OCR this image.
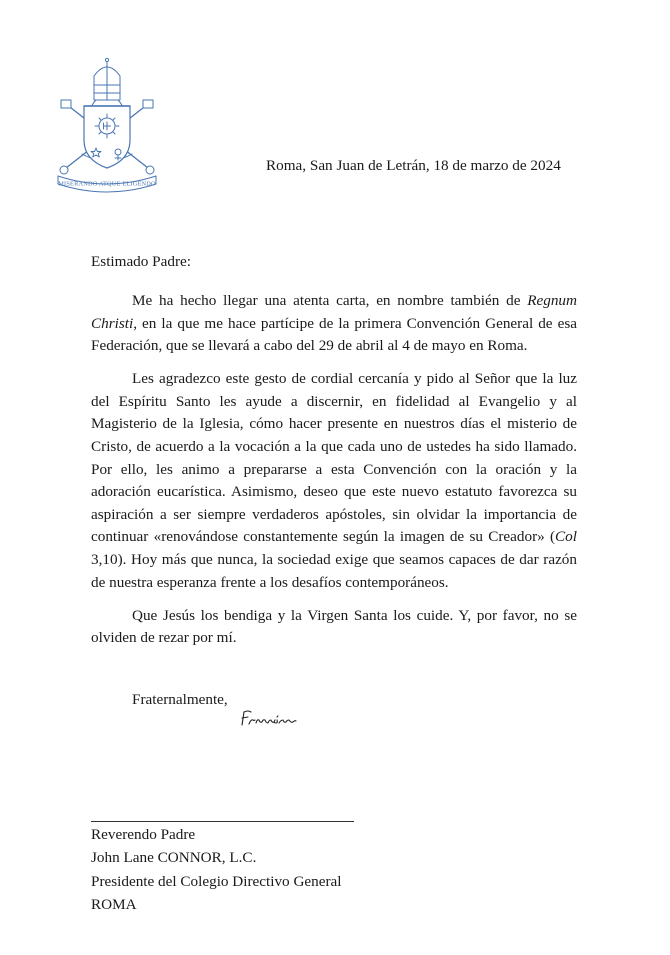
MISERANDO ATQUE ELIGENDO
Roma, San Juan de Letrán, 18 de marzo de 2024
Estimado Padre:

Me ha hecho llegar una atenta carta, en nombre también de Regnum Christi, en la que me hace partícipe de la primera Convención General de esa Federación, que se llevará a cabo del 29 de abril al 4 de mayo en Roma.

Les agradezco este gesto de cordial cercanía y pido al Señor que la luz del Espíritu Santo les ayude a discernir, en fidelidad al Evangelio y al Magisterio de la Iglesia, cómo hacer presente en nuestros días el misterio de Cristo, de acuerdo a la vocación a la que cada uno de ustedes ha sido llamado. Por ello, les animo a prepararse a esta Convención con la oración y la adoración eucarística. Asimismo, deseo que este nuevo estatuto favorezca su aspiración a ser siempre verdaderos apóstoles, sin olvidar la importancia de continuar «renovándose constantemente según la imagen de su Creador» (Col 3,10). Hoy más que nunca, la sociedad exige que seamos capaces de dar razón de nuestra esperanza frente a los desafíos contemporáneos.

Que Jesús los bendiga y la Virgen Santa los cuide. Y, por favor, no se olviden de rezar por mí.

Fraternalmente,
Reverendo Padre
John Lane CONNOR, L.C.
Presidente del Colegio Directivo General
ROMA
